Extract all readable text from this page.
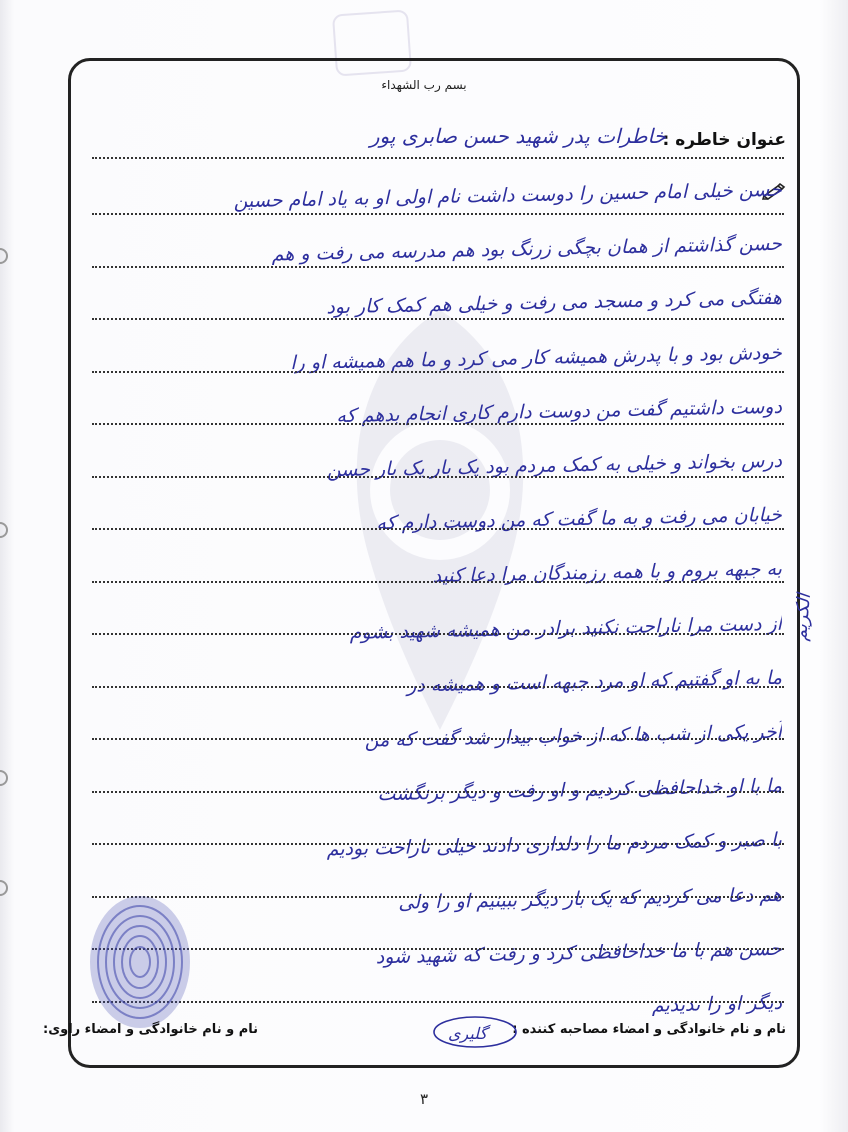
بسم رب الشهداء
عنوان خاطره :
خاطرات پدر شهید حسن صابری پور
حسن خیلی امام حسین را دوست داشت نام اولی او به یاد امام حسین
حسن گذاشتم از همان بچگی زرنگ بود هم مدرسه می رفت و هم
هفتگی می کرد و مسجد می رفت و خیلی هم کمک کار بود
خودش بود و با پدرش همیشه کار می کرد و ما هم همیشه او را
دوست داشتیم گفت من دوست دارم کاری انجام بدهم که
درس بخواند و خیلی به کمک مردم بود یک بار یک بار حسن
خیابان می رفت و به ما گفت که من دوست دارم که
به جبهه بروم و با همه رزمندگان مرا دعا کنید
از دست مرا ناراحت نکنید برادر من همیشه شهید بشوم
ما به او گفتیم که او مرد جبهه است و همیشه در
آخر یکی از شب ها که از خواب بیدار شد گفت که من
ما با او خداحافظی کردیم و او رفت و دیگر برنگشت
با صبر و کمک مردم ما را دلداری دادند خیلی ناراحت بودیم
هم دعا می کردیم که یک بار دیگر ببینیم او را ولی
حسن هم با ما خداحافظی کرد و رفت که شهید شود
دیگر او را ندیدیم
الکریم
نام و نام خانوادگی و امضاء مصاحبه کننده :
گلیری
نام و نام خانوادگی و امضاء راوی:
۳
